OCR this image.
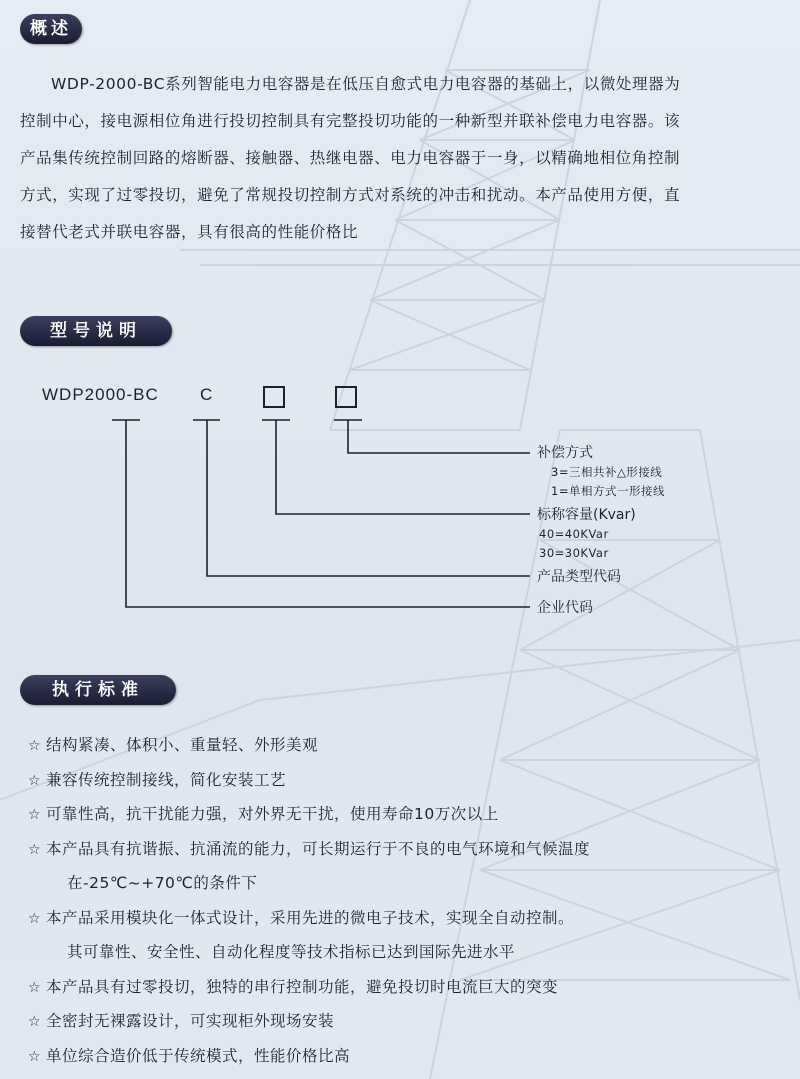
概述

WDP-2000-BC系列智能电力电容器是在低压自愈式电力电容器的基础上，以微处理器为

控制中心，接电源相位角进行投切控制具有完整投切功能的一种新型并联补偿电力电容器。该

产品集传统控制回路的熔断器、接触器、热继电器、电力电容器于一身，以精确地相位角控制

方式，实现了过零投切，避免了常规投切控制方式对系统的冲击和扰动。本产品使用方便，直

接替代老式并联电容器，具有很高的性能价格比

型号说明
WDP2000-BC C
补偿方式
3=三相共补△形接线
1=单相方式一形接线
标称容量(Kvar)
40=40KVar
30=30KVar
产品类型代码
企业代码
执行标准
☆ 结构紧凑、体积小、重量轻、外形美观
☆ 兼容传统控制接线，简化安装工艺
☆ 可靠性高，抗干扰能力强，对外界无干扰，使用寿命10万次以上
☆ 本产品具有抗谐振、抗涌流的能力，可长期运行于不良的电气环境和气候温度
在-25℃~+70℃的条件下
☆ 本产品采用模块化一体式设计，采用先进的微电子技术，实现全自动控制。
其可靠性、安全性、自动化程度等技术指标已达到国际先进水平
☆ 本产品具有过零投切，独特的串行控制功能，避免投切时电流巨大的突变
☆ 全密封无裸露设计，可实现柜外现场安装
☆ 单位综合造价低于传统模式，性能价格比高
